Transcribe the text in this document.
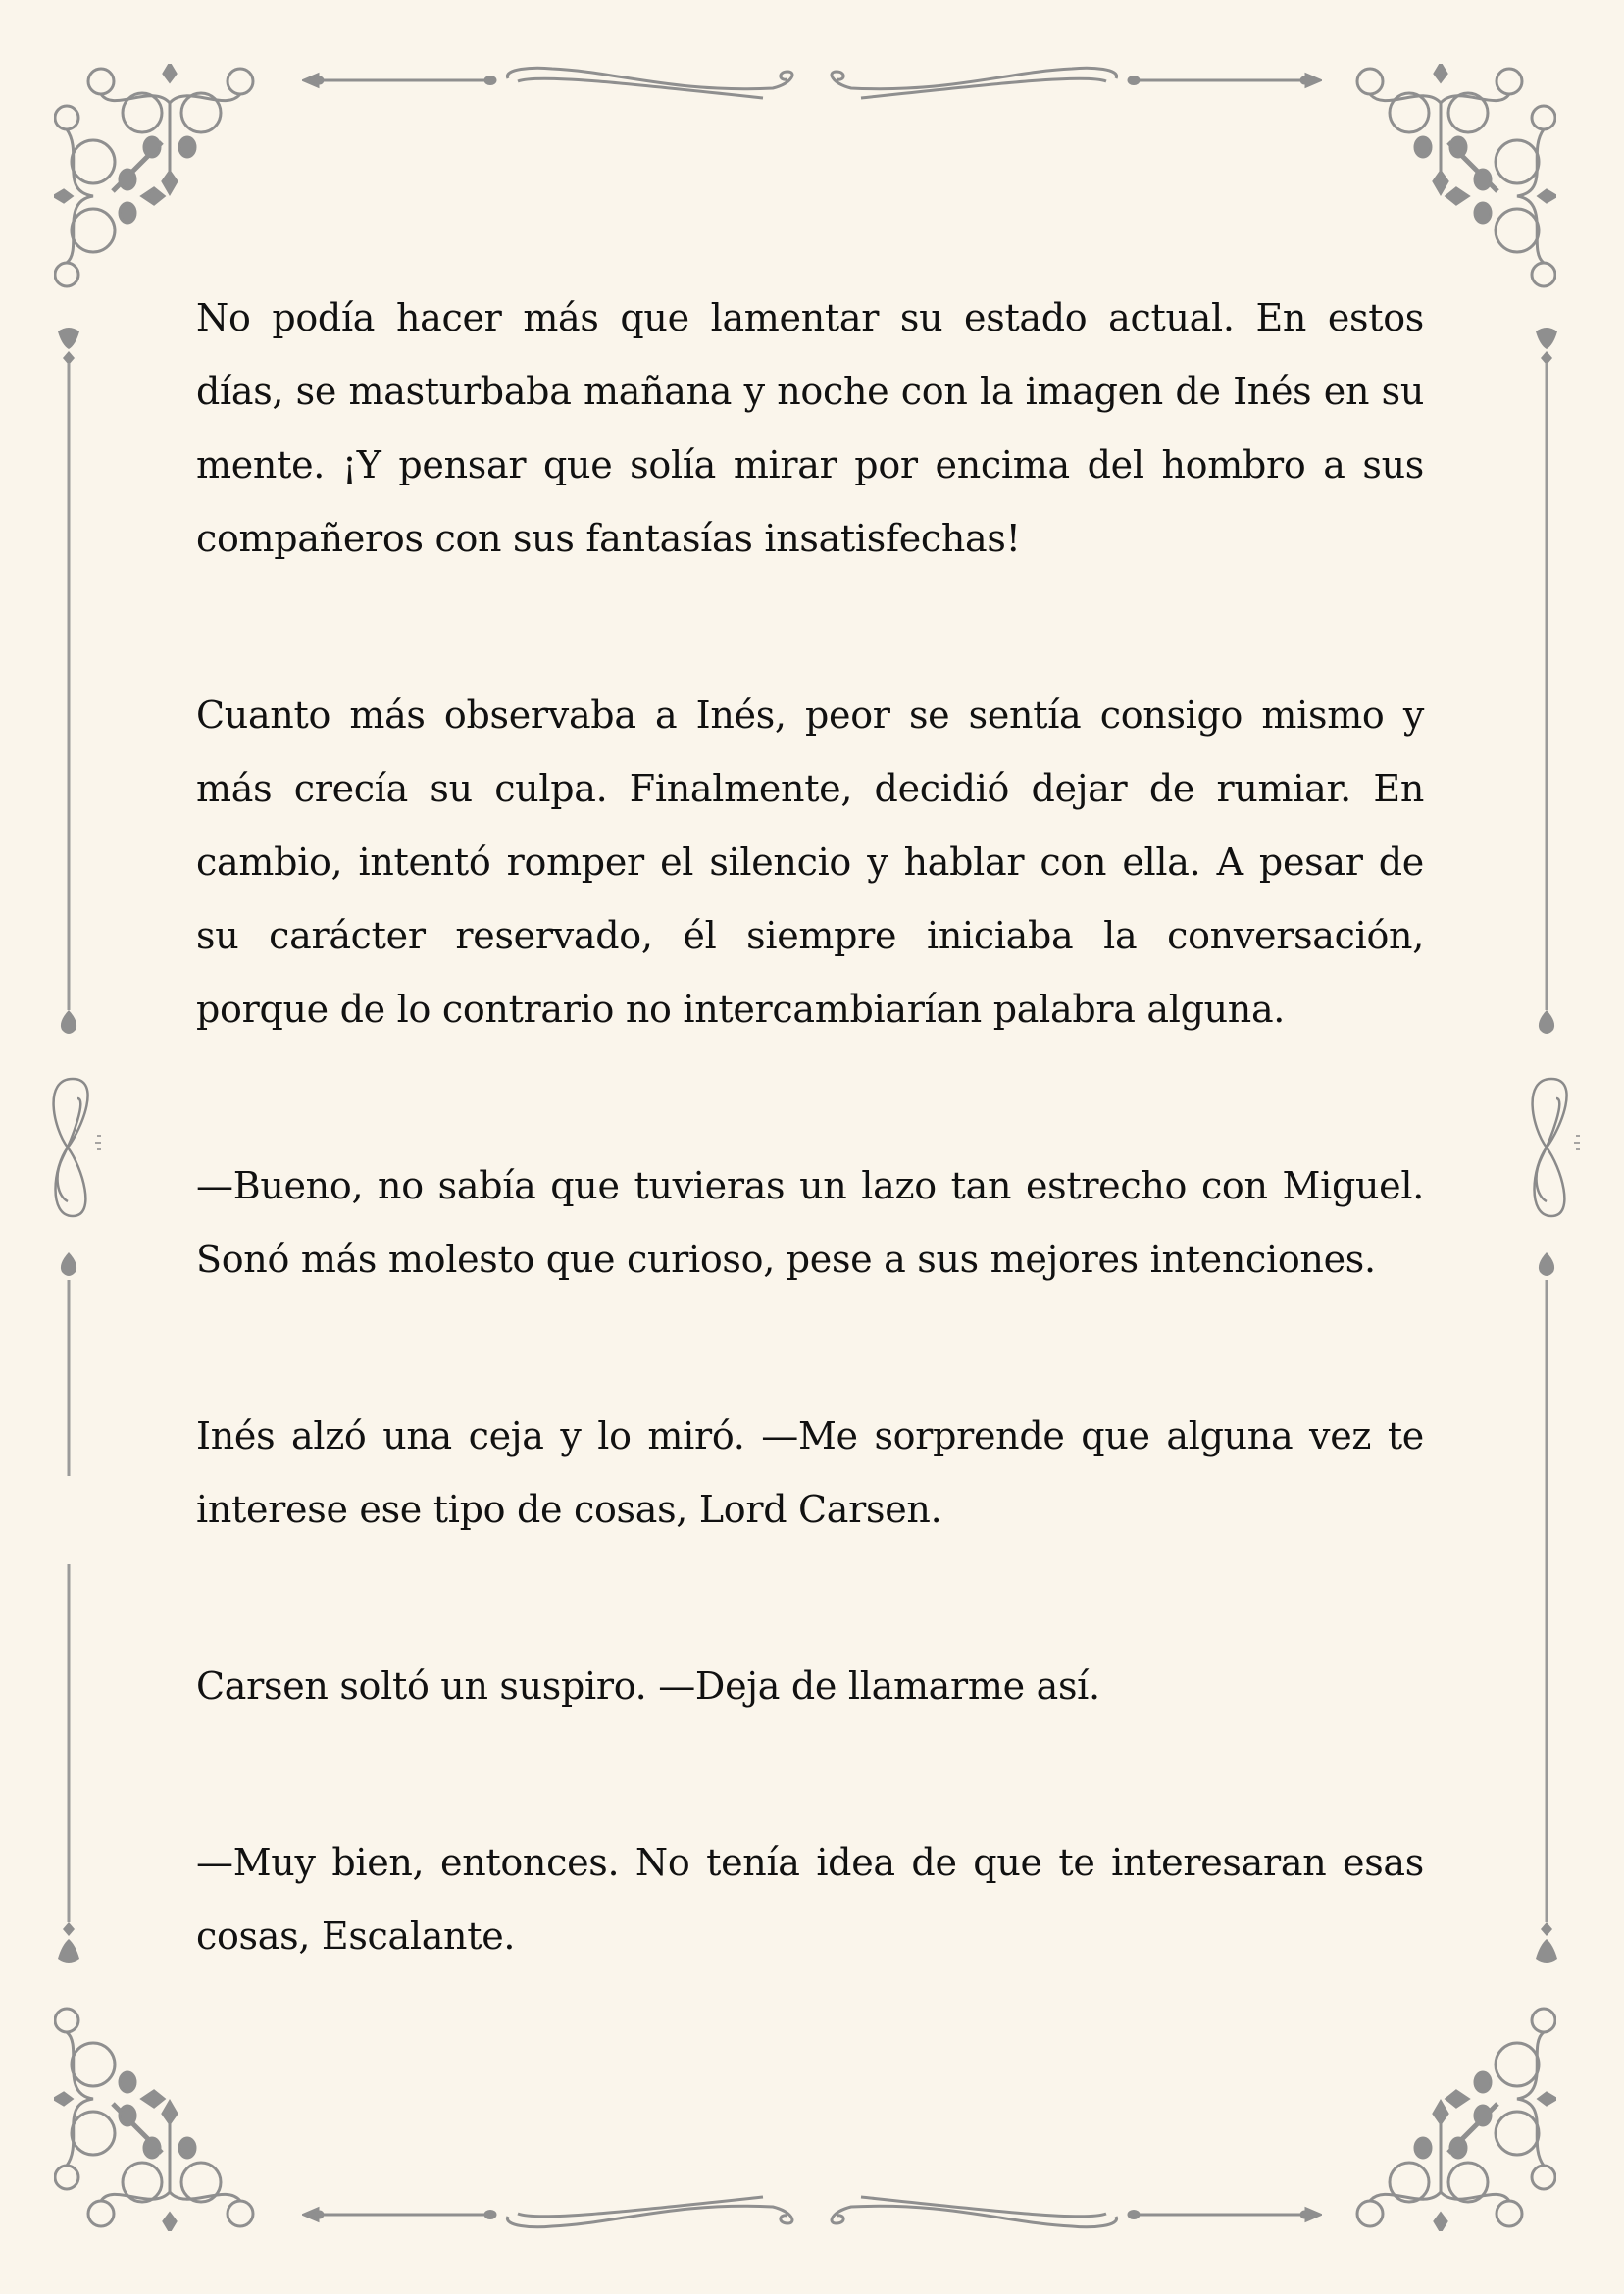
No podía hacer más que lamentar su estado actual. En estos días, se masturbaba mañana y noche con la imagen de Inés en su mente. ¡Y pensar que solía mirar por encima del hombro a sus compañeros con sus fantasías insatisfechas!

Cuanto más observaba a Inés, peor se sentía consigo mismo y más crecía su culpa. Finalmente, decidió dejar de rumiar. En cambio, intentó romper el silencio y hablar con ella. A pesar de su carácter reservado, él siempre iniciaba la conversación, porque de lo contrario no intercambiarían palabra alguna.

—Bueno, no sabía que tuvieras un lazo tan estrecho con Miguel. Sonó más molesto que curioso, pese a sus mejores intenciones.

Inés alzó una ceja y lo miró. —Me sorprende que alguna vez te interese ese tipo de cosas, Lord Carsen.

Carsen soltó un suspiro. —Deja de llamarme así.

—Muy bien, entonces. No tenía idea de que te interesaran esas cosas, Escalante.
